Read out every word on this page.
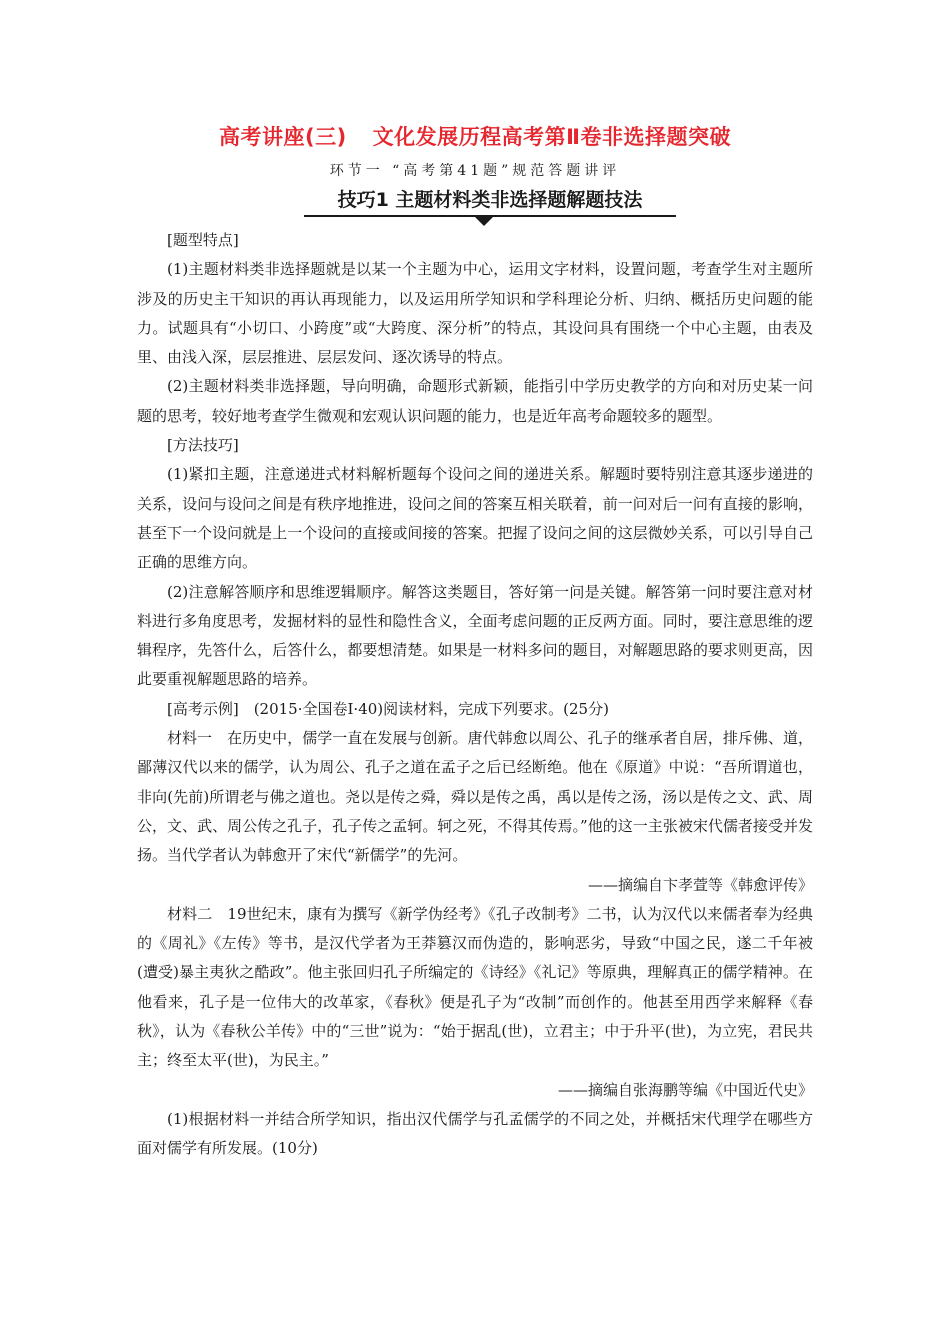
高考讲座(三) 文化发展历程高考第Ⅱ卷非选择题突破
环节一 “高考第41题”规范答题讲评
技巧1 主题材料类非选择题解题技法

[题型特点]

(1)主题材料类非选择题就是以某一个主题为中心，运用文字材料，设置问题，考查学生对主题所涉及的历史主干知识的再认再现能力，以及运用所学知识和学科理论分析、归纳、概括历史问题的能力。试题具有“小切口、小跨度”或“大跨度、深分析”的特点，其设问具有围绕一个中心主题，由表及里、由浅入深，层层推进、层层发问、逐次诱导的特点。

(2)主题材料类非选择题，导向明确，命题形式新颖，能指引中学历史教学的方向和对历史某一问题的思考，较好地考查学生微观和宏观认识问题的能力，也是近年高考命题较多的题型。

[方法技巧]

(1)紧扣主题，注意递进式材料解析题每个设问之间的递进关系。解题时要特别注意其逐步递进的关系，设问与设问之间是有秩序地推进，设问之间的答案互相关联着，前一问对后一问有直接的影响，甚至下一个设问就是上一个设问的直接或间接的答案。把握了设问之间的这层微妙关系，可以引导自己正确的思维方向。

(2)注意解答顺序和思维逻辑顺序。解答这类题目，答好第一问是关键。解答第一问时要注意对材料进行多角度思考，发掘材料的显性和隐性含义，全面考虑问题的正反两方面。同时，要注意思维的逻辑程序，先答什么，后答什么，都要想清楚。如果是一材料多问的题目，对解题思路的要求则更高，因此要重视解题思路的培养。

[高考示例]　(2015·全国卷Ⅰ·40)阅读材料，完成下列要求。(25分)

材料一　在历史中，儒学一直在发展与创新。唐代韩愈以周公、孔子的继承者自居，排斥佛、道，鄙薄汉代以来的儒学，认为周公、孔子之道在孟子之后已经断绝。他在《原道》中说：“吾所谓道也，非向(先前)所谓老与佛之道也。尧以是传之舜，舜以是传之禹，禹以是传之汤，汤以是传之文、武、周公，文、武、周公传之孔子，孔子传之孟轲。轲之死，不得其传焉。”他的这一主张被宋代儒者接受并发扬。当代学者认为韩愈开了宋代“新儒学”的先河。

——摘编自卞孝萱等《韩愈评传》

材料二　19世纪末，康有为撰写《新学伪经考》《孔子改制考》二书，认为汉代以来儒者奉为经典的《周礼》《左传》等书，是汉代学者为王莽篡汉而伪造的，影响恶劣，导致“中国之民，遂二千年被(遭受)暴主夷狄之酷政”。他主张回归孔子所编定的《诗经》《礼记》等原典，理解真正的儒学精神。在他看来，孔子是一位伟大的改革家，《春秋》便是孔子为“改制”而创作的。他甚至用西学来解释《春秋》，认为《春秋公羊传》中的“三世”说为：“始于据乱(世)，立君主；中于升平(世)，为立宪，君民共主；终至太平(世)，为民主。”

——摘编自张海鹏等编《中国近代史》

(1)根据材料一并结合所学知识，指出汉代儒学与孔孟儒学的不同之处，并概括宋代理学在哪些方面对儒学有所发展。(10分)
